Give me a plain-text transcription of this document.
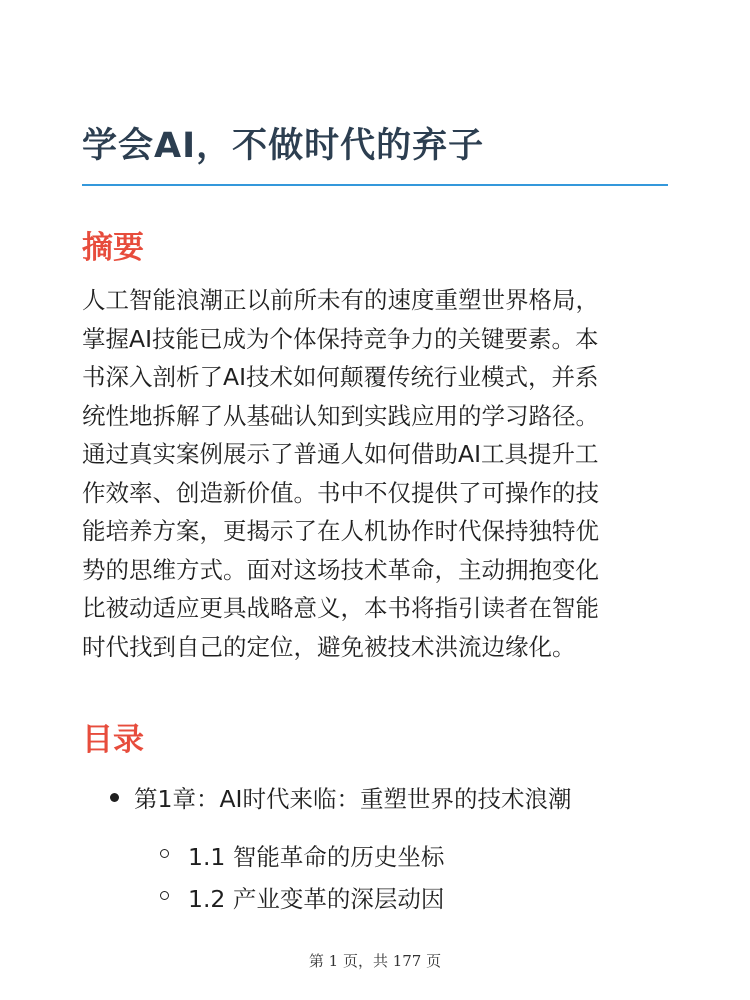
学会AI，不做时代的弃子
摘要

人工智能浪潮正以前所未有的速度重塑世界格局，
掌握AI技能已成为个体保持竞争力的关键要素。本
书深入剖析了AI技术如何颠覆传统行业模式，并系
统性地拆解了从基础认知到实践应用的学习路径。
通过真实案例展示了普通人如何借助AI工具提升工
作效率、创造新价值。书中不仅提供了可操作的技
能培养方案，更揭示了在人机协作时代保持独特优
势的思维方式。面对这场技术革命，主动拥抱变化
比被动适应更具战略意义，本书将指引读者在智能
时代找到自己的定位，避免被技术洪流边缘化。

目录
第1章：AI时代来临：重塑世界的技术浪潮
1.1 智能革命的历史坐标
1.2 产业变革的深层动因
第 1 页，共 177 页
